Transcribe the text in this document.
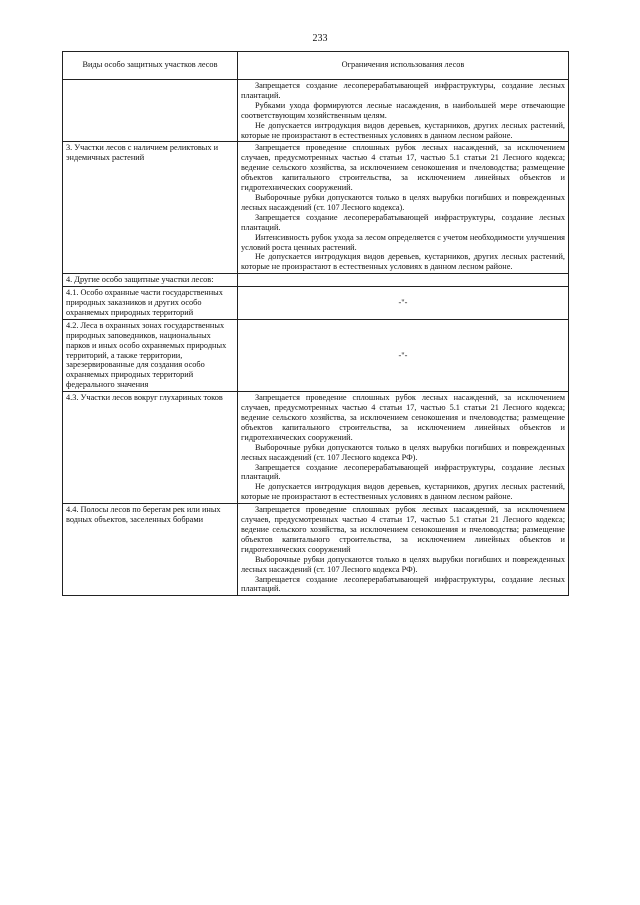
233
Виды особо защитных участков лесов	Ограничения использования лесов

	Запрещается создание лесоперерабатывающей инфраструктуры, создание лесных плантаций.

Рубками ухода формируются лесные насаждения, в наибольшей мере отвечающие соответствующим хозяйственным целям.

Не допускается интродукция видов деревьев, кустарников, других лесных растений, которые не произрастают в естественных условиях в данном лесном районе.

3. Участки лесов с наличием реликтовых и эндемичных растений	Запрещается проведение сплошных рубок лесных насаждений, за исключением случаев, предусмотренных частью 4 статьи 17, частью 5.1 статьи 21 Лесного кодекса; ведение сельского хозяйства, за исключением сенокошения и пчеловодства; размещение объектов капитального строительства, за исключением линейных объектов и гидротехнических сооружений.

Выборочные рубки допускаются только в целях вырубки погибших и поврежденных лесных насаждений (ст. 107 Лесного кодекса).

Запрещается создание лесоперерабатывающей инфраструктуры, создание лесных плантаций.

Интенсивность рубок ухода за лесом определяется с учетом необходимости улучшения условий роста ценных растений.

Не допускается интродукция видов деревьев, кустарников, других лесных растений, которые не произрастают в естественных условиях в данном лесном районе.

4. Другие особо защитные участки лесов:	
4.1. Особо охранные части государственных природных заказников и других особо охраняемых природных территорий	-"-
4.2. Леса в охранных зонах государственных природных заповедников, национальных парков и иных особо охраняемых природных территорий, а также территории, зарезервированные для создания особо охраняемых природных территорий федерального значения	-"-
4.3. Участки лесов вокруг глухариных токов	Запрещается проведение сплошных рубок лесных насаждений, за исключением случаев, предусмотренных частью 4 статьи 17, частью 5.1 статьи 21 Лесного кодекса; ведение сельского хозяйства, за исключением сенокошения и пчеловодства; размещение объектов капитального строительства, за исключением линейных объектов и гидротехнических сооружений.

Выборочные рубки допускаются только в целях вырубки погибших и поврежденных лесных насаждений (ст. 107 Лесного кодекса РФ).

Запрещается создание лесоперерабатывающей инфраструктуры, создание лесных плантаций.

Не допускается интродукция видов деревьев, кустарников, других лесных растений, которые не произрастают в естественных условиях в данном лесном районе.

4.4. Полосы лесов по берегам рек или иных водных объектов, заселенных бобрами	Запрещается проведение сплошных рубок лесных насаждений, за исключением случаев, предусмотренных частью 4 статьи 17, частью 5.1 статьи 21 Лесного кодекса; ведение сельского хозяйства, за исключением сенокошения и пчеловодства; размещение объектов капитального строительства, за исключением линейных объектов и гидротехнических сооружений

Выборочные рубки допускаются только в целях вырубки погибших и поврежденных лесных насаждений (ст. 107 Лесного кодекса РФ).

Запрещается создание лесоперерабатывающей инфраструктуры, создание лесных плантаций.
